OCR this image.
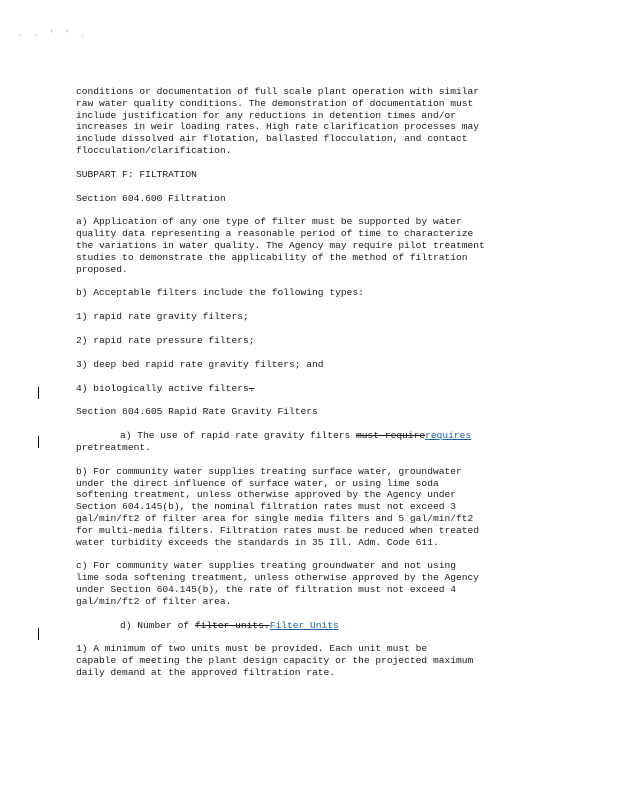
. . ' ' .

conditions or documentation of full scale plant operation with similar
raw water quality conditions. The demonstration of documentation must
include justification for any reductions in detention times and/or
increases in weir loading rates. High rate clarification processes may
include dissolved air flotation, ballasted flocculation, and contact
flocculation/clarification.

SUBPART F: FILTRATION

Section 604.600 Filtration

a) Application of any one type of filter must be supported by water
quality data representing a reasonable period of time to characterize
the variations in water quality. The Agency may require pilot treatment
studies to demonstrate the applicability of the method of filtration
proposed.

b) Acceptable filters include the following types:

1) rapid rate gravity filters;

2) rapid rate pressure filters;

3) deep bed rapid rate gravity filters; and

4) biologically active filters.

Section 604.605 Rapid Rate Gravity Filters

a) The use of rapid rate gravity filters must requirerequires
pretreatment.

b) For community water supplies treating surface water, groundwater
under the direct influence of surface water, or using lime soda
softening treatment, unless otherwise approved by the Agency under
Section 604.145(b), the nominal filtration rates must not exceed 3
gal/min/ft2 of filter area for single media filters and 5 gal/min/ft2
for multi-media filters. Filtration rates must be reduced when treated
water turbidity exceeds the standards in 35 Ill. Adm. Code 611.

c) For community water supplies treating groundwater and not using
lime soda softening treatment, unless otherwise approved by the Agency
under Section 604.145(b), the rate of filtration must not exceed 4
gal/min/ft2 of filter area.

d) Number of filter units.Filter Units

1) A minimum of two units must be provided. Each unit must be
capable of meeting the plant design capacity or the projected maximum
daily demand at the approved filtration rate.
